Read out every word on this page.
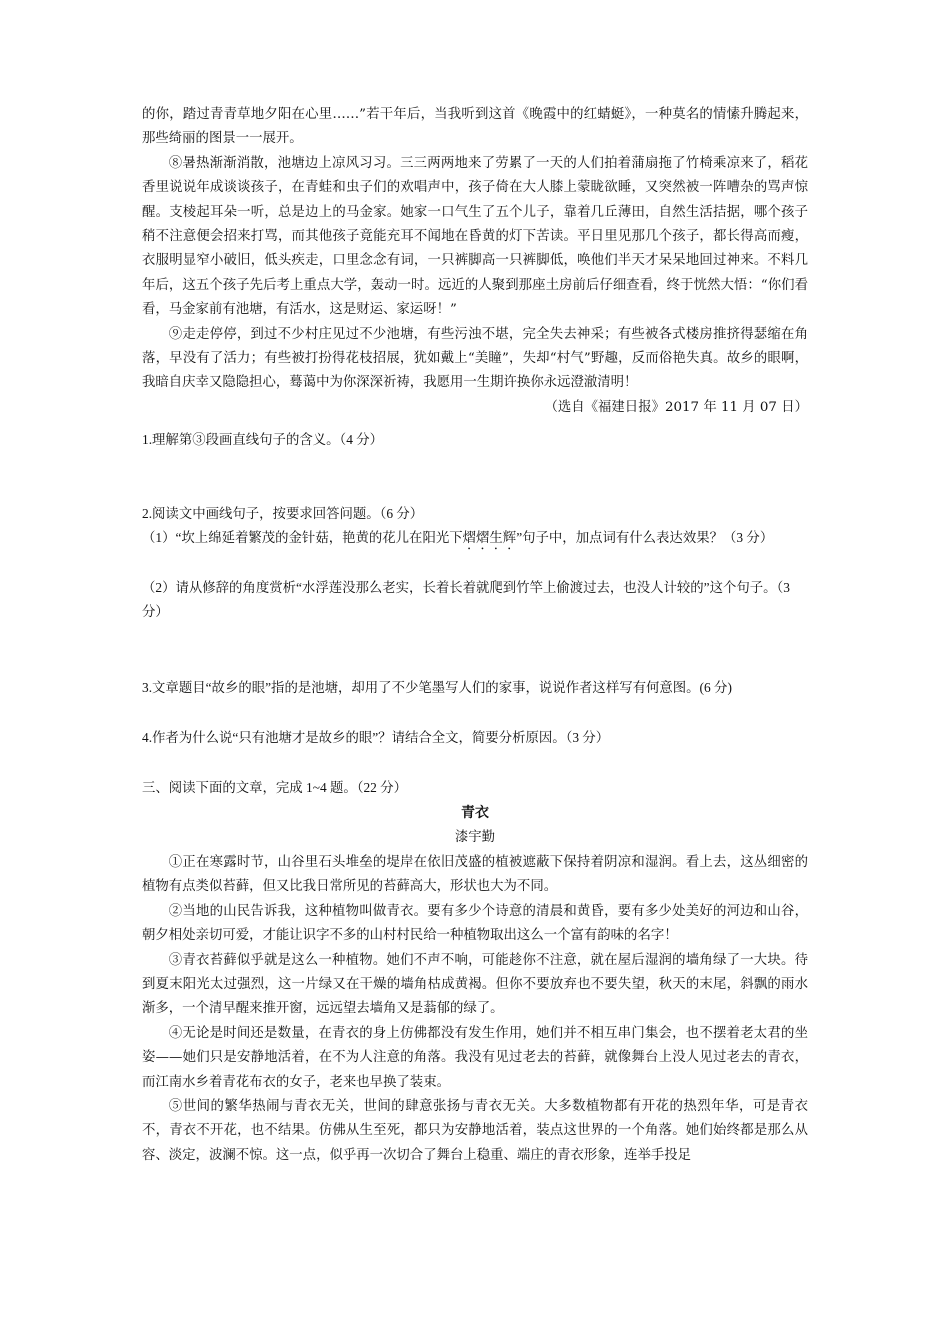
的你，踏过青青草地夕阳在心里……”若干年后，当我听到这首《晚霞中的红蜻蜓》，一种莫名的情愫升腾起来，那些绮丽的图景一一展开。

⑧暑热渐渐消散，池塘边上凉风习习。三三两两地来了劳累了一天的人们拍着蒲扇拖了竹椅乘凉来了，稻花香里说说年成谈谈孩子，在青蛙和虫子们的欢唱声中，孩子倚在大人膝上蒙眬欲睡，又突然被一阵嘈杂的骂声惊醒。支棱起耳朵一听，总是边上的马金家。她家一口气生了五个儿子，靠着几丘薄田，自然生活拮据，哪个孩子稍不注意便会招来打骂，而其他孩子竟能充耳不闻地在昏黄的灯下苦读。平日里见那几个孩子，都长得高而瘦，衣服明显窄小破旧，低头疾走，口里念念有词，一只裤脚高一只裤脚低，唤他们半天才呆呆地回过神来。不料几年后，这五个孩子先后考上重点大学，轰动一时。远近的人聚到那座土房前后仔细查看，终于恍然大悟：“你们看看，马金家前有池塘，有活水，这是财运、家运呀！”

⑨走走停停，到过不少村庄见过不少池塘，有些污浊不堪，完全失去神采；有些被各式楼房推挤得瑟缩在角落，早没有了活力；有些被打扮得花枝招展，犹如戴上“美瞳”，失却“村气”野趣，反而俗艳失真。故乡的眼啊，我暗自庆幸又隐隐担心，蓦蔼中为你深深祈祷，我愿用一生期许换你永远澄澈清明！

（选自《福建日报》2017 年 11 月 07 日）

1.理解第③段画直线句子的含义。（4 分）

2.阅读文中画线句子，按要求回答问题。（6 分）

（1）“坎上绵延着繁茂的金针菇，艳黄的花儿在阳光下熠熠生辉”句子中，加点词有什么表达效果？（3 分）

（2）请从修辞的角度赏析“水浮莲没那么老实，长着长着就爬到竹竿上偷渡过去，也没人计较的”这个句子。（3 分）

3.文章题目“故乡的眼”指的是池塘，却用了不少笔墨写人们的家事，说说作者这样写有何意图。(6 分)

4.作者为什么说“只有池塘才是故乡的眼”？请结合全文，简要分析原因。（3 分）

三、阅读下面的文章，完成 1~4 题。（22 分）

青衣
漆宇勤

①正在寒露时节，山谷里石头堆垒的堤岸在依旧茂盛的植被遮蔽下保持着阴凉和湿润。看上去，这丛细密的植物有点类似苔藓，但又比我日常所见的苔藓高大，形状也大为不同。

②当地的山民告诉我，这种植物叫做青衣。要有多少个诗意的清晨和黄昏，要有多少处美好的河边和山谷，朝夕相处亲切可爱，才能让识字不多的山村村民给一种植物取出这么一个富有韵味的名字！

③青衣苔藓似乎就是这么一种植物。她们不声不响，可能趁你不注意，就在屋后湿润的墙角绿了一大块。待到夏末阳光太过强烈，这一片绿又在干燥的墙角枯成黄褐。但你不要放弃也不要失望，秋天的末尾，斜飘的雨水渐多，一个清早醒来推开窗，远远望去墙角又是蓊郁的绿了。

④无论是时间还是数量，在青衣的身上仿佛都没有发生作用，她们并不相互串门集会，也不摆着老太君的坐姿——她们只是安静地活着，在不为人注意的角落。我没有见过老去的苔藓，就像舞台上没人见过老去的青衣，而江南水乡着青花布衣的女子，老来也早换了装束。

⑤世间的繁华热闹与青衣无关，世间的肆意张扬与青衣无关。大多数植物都有开花的热烈年华，可是青衣不，青衣不开花，也不结果。仿佛从生至死，都只为安静地活着，装点这世界的一个角落。她们始终都是那么从容、淡定，波澜不惊。这一点，似乎再一次切合了舞台上稳重、端庄的青衣形象，连举手投足
